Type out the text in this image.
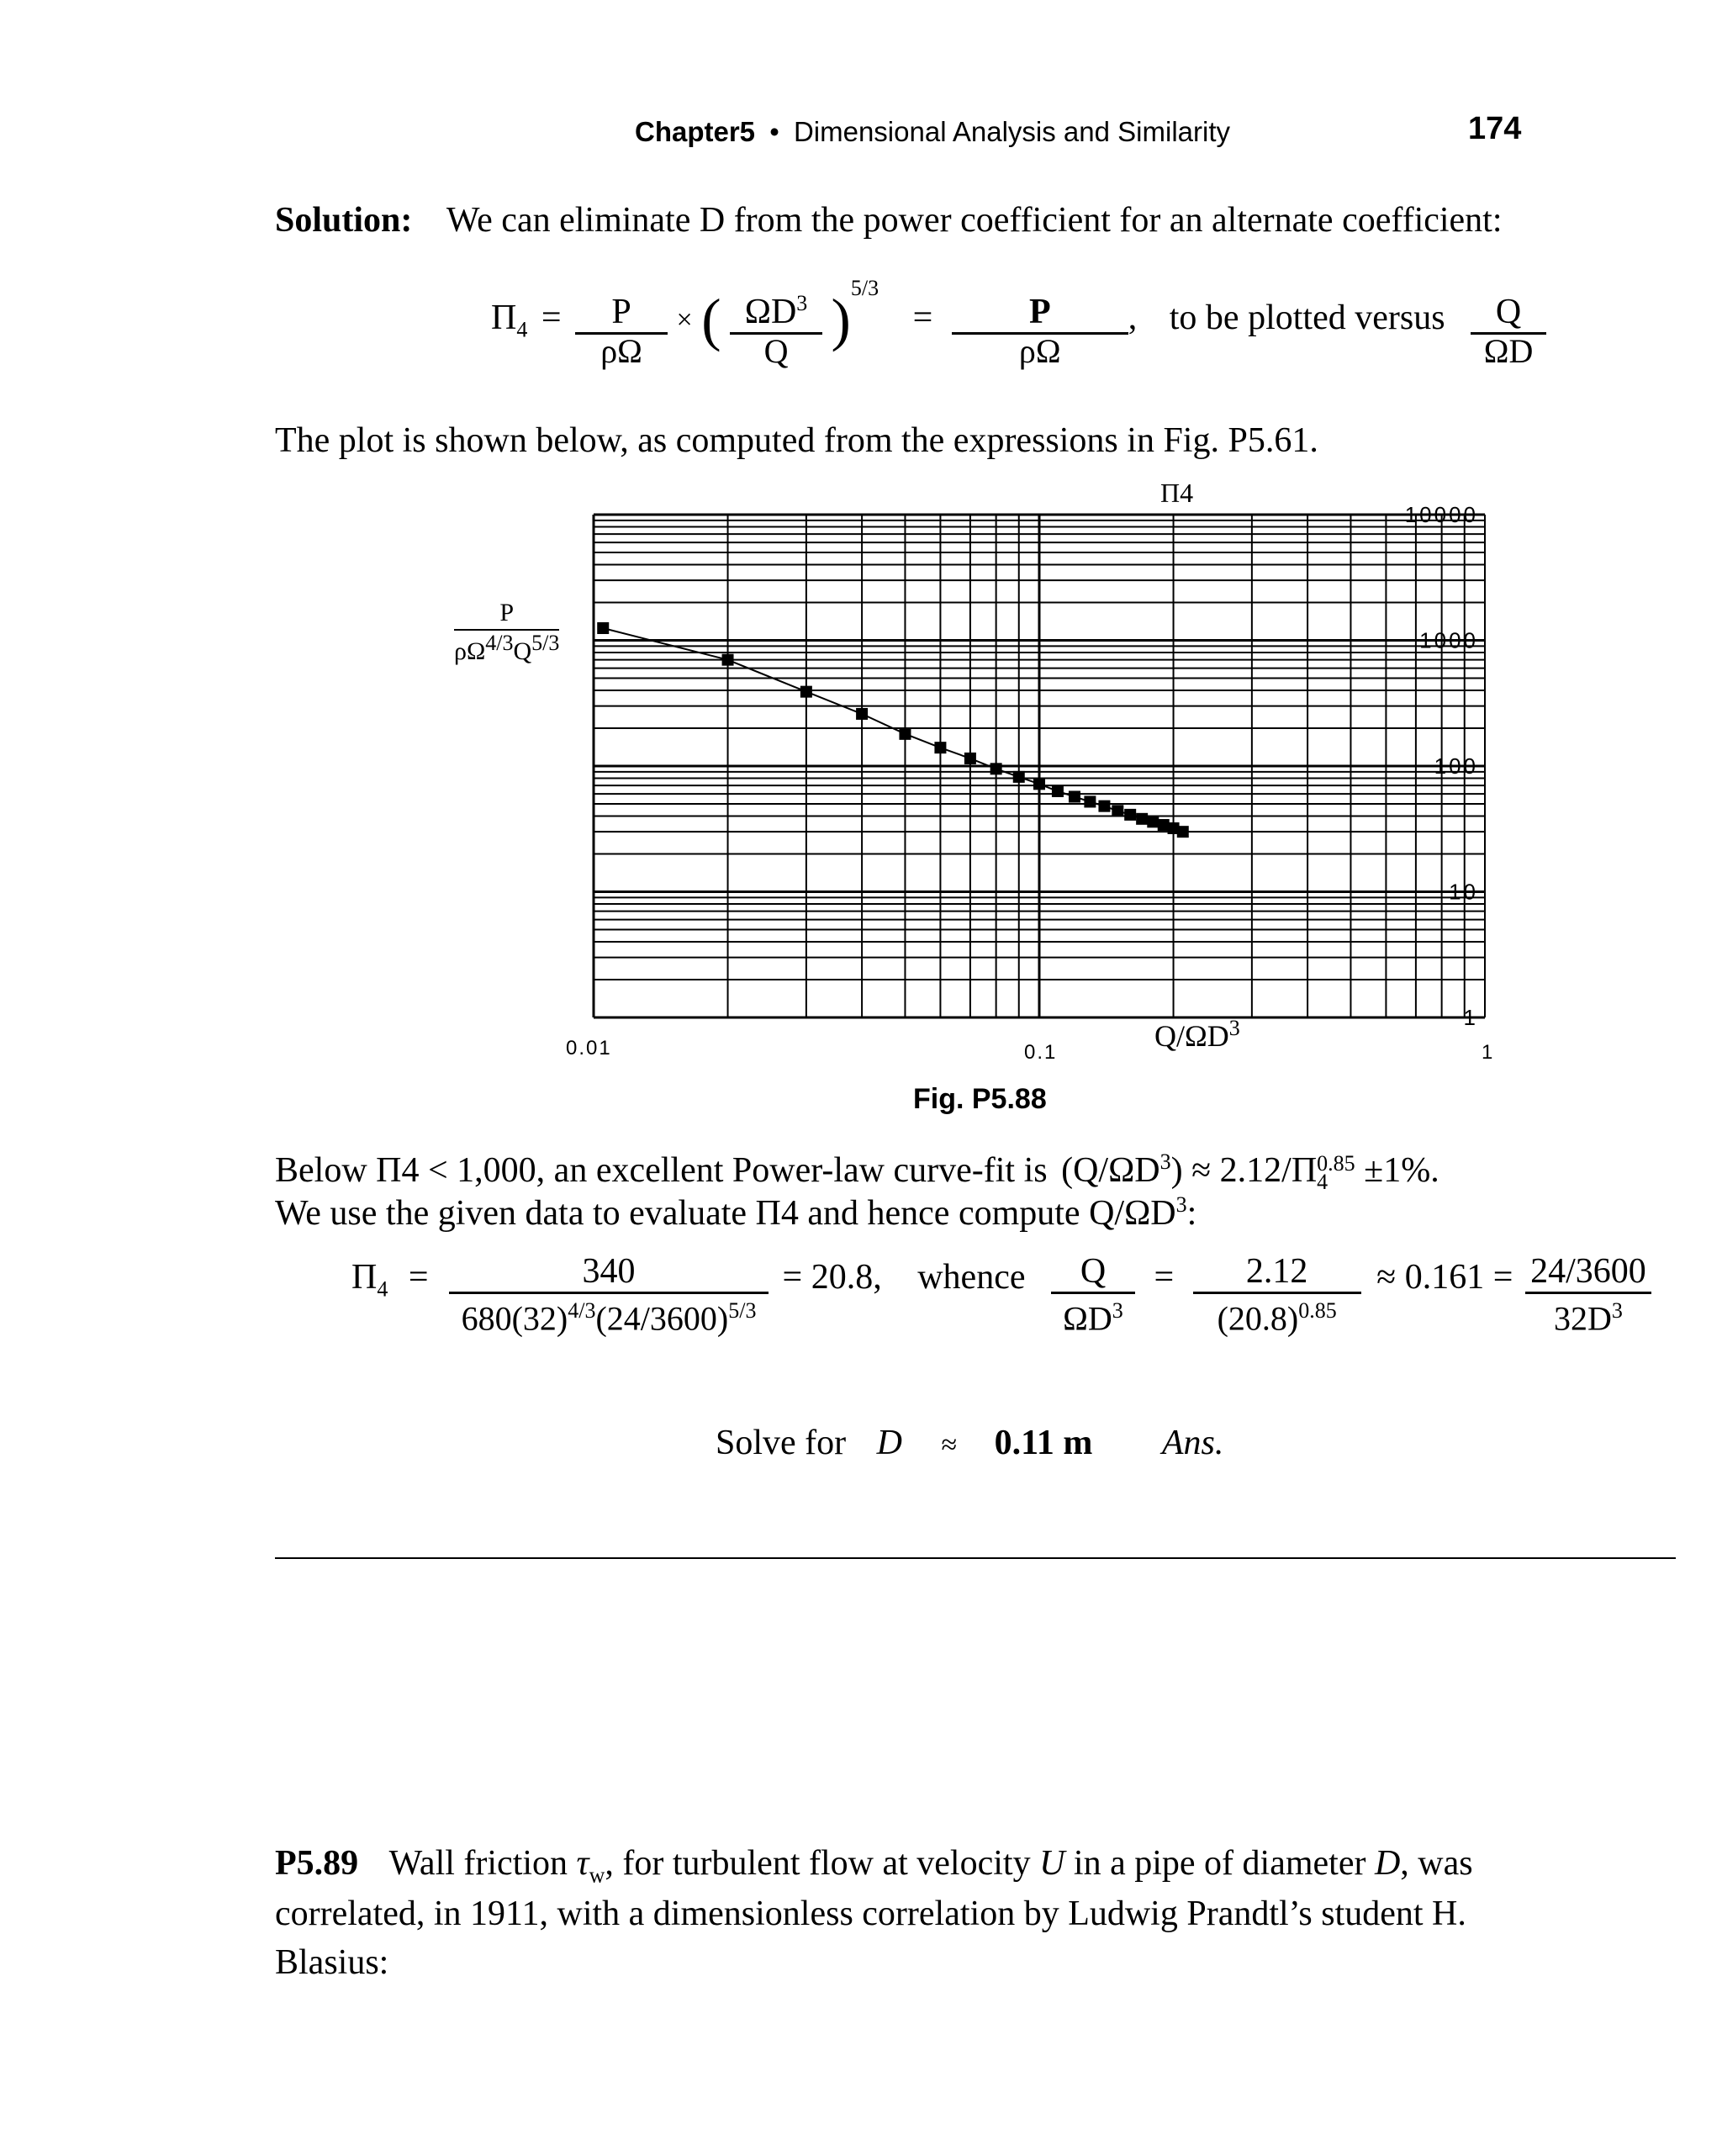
Chapter5 • Dimensional Analysis and Similarity	174
Solution: We can eliminate D from the power coefficient for an alternate coefficient:
$\Pi_4 = \frac{P}{\rho\Omega}$ × ( $\frac{\Omega D^3}{Q} )^{5/3} = \frac{P}{\rho\Omega}$ , to be plotted versus $\frac{Q}{\Omega D}$
The plot is shown below, as computed from the expressions in Fig. P5.61.
Π4
$\frac{P}{\rho\Omega^{4/3}Q^{5/3}}$
1
10
100
1000
10000
0.01	0.1	1
$Q/\Omega D^3$
Fig. P5.88
Below Π4 < 1,000, an excellent Power-law curve-fit is $(Q/\Omega D^3) \approx 2.12/\Pi$ 0.85
4 ±1%.
We use the given data to evaluate Π4 and hence compute $Q/\Omega D^3$:
$\Pi_4 = \frac{340}{680(32)^{4/3}(24/3600)^{5/3}} = 20.8$, whence $\frac{Q}{\Omega D^3} = \frac{2.12}{(20.8)^{0.85}} \approx 0.161 = \frac{24/3600}{32D^3}$
Solve for D ≈ 0.11 m Ans.
P5.89 Wall friction $\tau_w$, for turbulent flow at velocity U in a pipe of diameter D, was
correlated, in 1911, with a dimensionless correlation by Ludwig Prandtl’s student H.
Blasius:
